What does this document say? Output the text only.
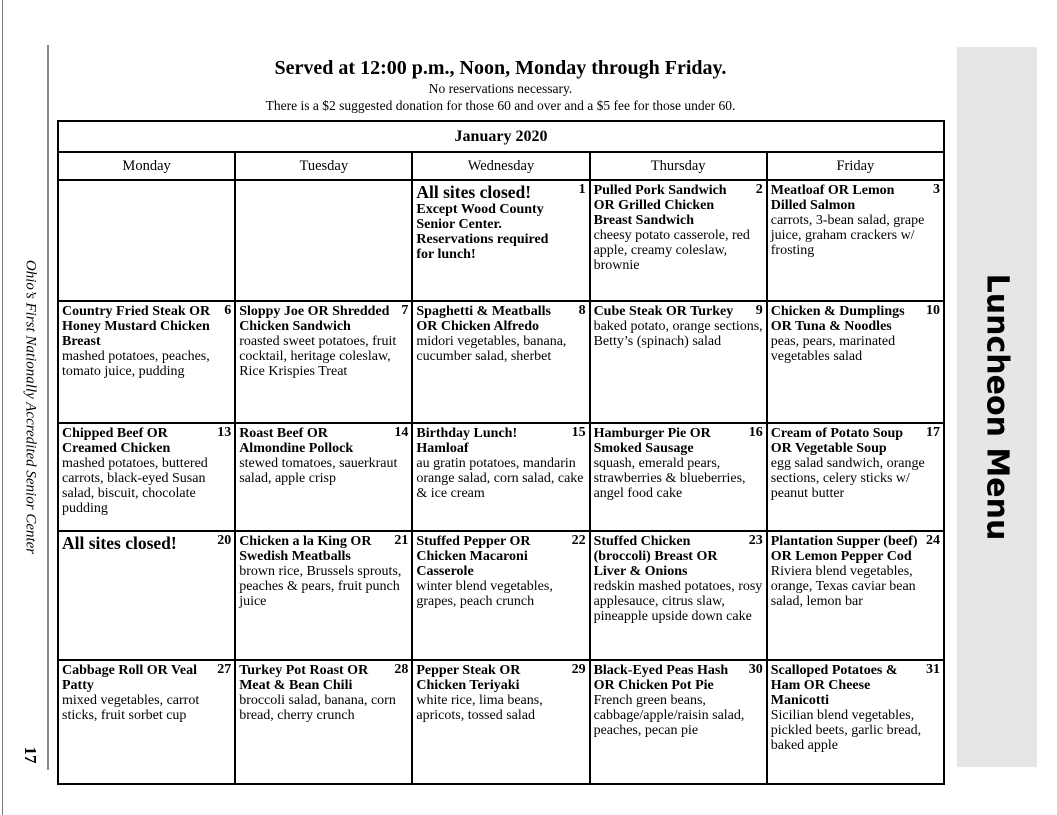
Ohio’s First Nationally Accredited Senior Center
17
Luncheon Menu
Served at 12:00 p.m., Noon, Monday through Friday.

No reservations necessary.

There is a $2 suggested donation for those 60 and over and a $5 fee for those under 60.

January 2020				
Monday	Tuesday	Wednesday	Thursday	Friday

		1
All sites closed!
Except Wood County Senior Center. Reservations required for lunch!	2
Pulled Pork Sandwich OR Grilled Chicken Breast Sandwich
cheesy potato casserole, red apple, creamy coleslaw, brownie	3
Meatloaf OR Lemon Dilled Salmon
carrots, 3-bean salad, grape juice, graham crackers w/ frosting

6
Country Fried Steak OR Honey Mustard Chicken Breast
mashed potatoes, peaches, tomato juice, pudding	7
Sloppy Joe OR Shredded Chicken Sandwich
roasted sweet potatoes, fruit cocktail, heritage coleslaw, Rice Krispies Treat	8
Spaghetti & Meatballs OR Chicken Alfredo
midori vegetables, banana, cucumber salad, sherbet	9
Cube Steak OR Turkey
baked potato, orange sections, Betty’s (spinach) salad	10
Chicken & Dumplings OR Tuna & Noodles
peas, pears, marinated vegetables salad

13
Chipped Beef OR Creamed Chicken
mashed potatoes, buttered carrots, black-eyed Susan salad, biscuit, chocolate pudding	14
Roast Beef OR Almondine Pollock
stewed tomatoes, sauerkraut salad, apple crisp	15
Birthday Lunch! Hamloaf
au gratin potatoes, mandarin orange salad, corn salad, cake & ice cream	16
Hamburger Pie OR Smoked Sausage
squash, emerald pears, strawberries & blueberries, angel food cake	17
Cream of Potato Soup OR Vegetable Soup
egg salad sandwich, orange sections, celery sticks w/ peanut butter

20
All sites closed!	21
Chicken a la King OR Swedish Meatballs
brown rice, Brussels sprouts, peaches & pears, fruit punch juice	22
Stuffed Pepper OR Chicken Macaroni Casserole
winter blend vegetables, grapes, peach crunch	23
Stuffed Chicken (broccoli) Breast OR Liver & Onions
redskin mashed potatoes, rosy applesauce, citrus slaw, pineapple upside down cake	24
Plantation Supper (beef) OR Lemon Pepper Cod
Riviera blend vegetables, orange, Texas caviar bean salad, lemon bar

27
Cabbage Roll OR Veal Patty
mixed vegetables, carrot sticks, fruit sorbet cup	28
Turkey Pot Roast OR Meat & Bean Chili
broccoli salad, banana, corn bread, cherry crunch	29
Pepper Steak OR Chicken Teriyaki
white rice, lima beans, apricots, tossed salad	30
Black-Eyed Peas Hash OR Chicken Pot Pie
French green beans, cabbage/apple/raisin salad, peaches, pecan pie	31
Scalloped Potatoes & Ham OR Cheese Manicotti
Sicilian blend vegetables, pickled beets, garlic bread, baked apple
